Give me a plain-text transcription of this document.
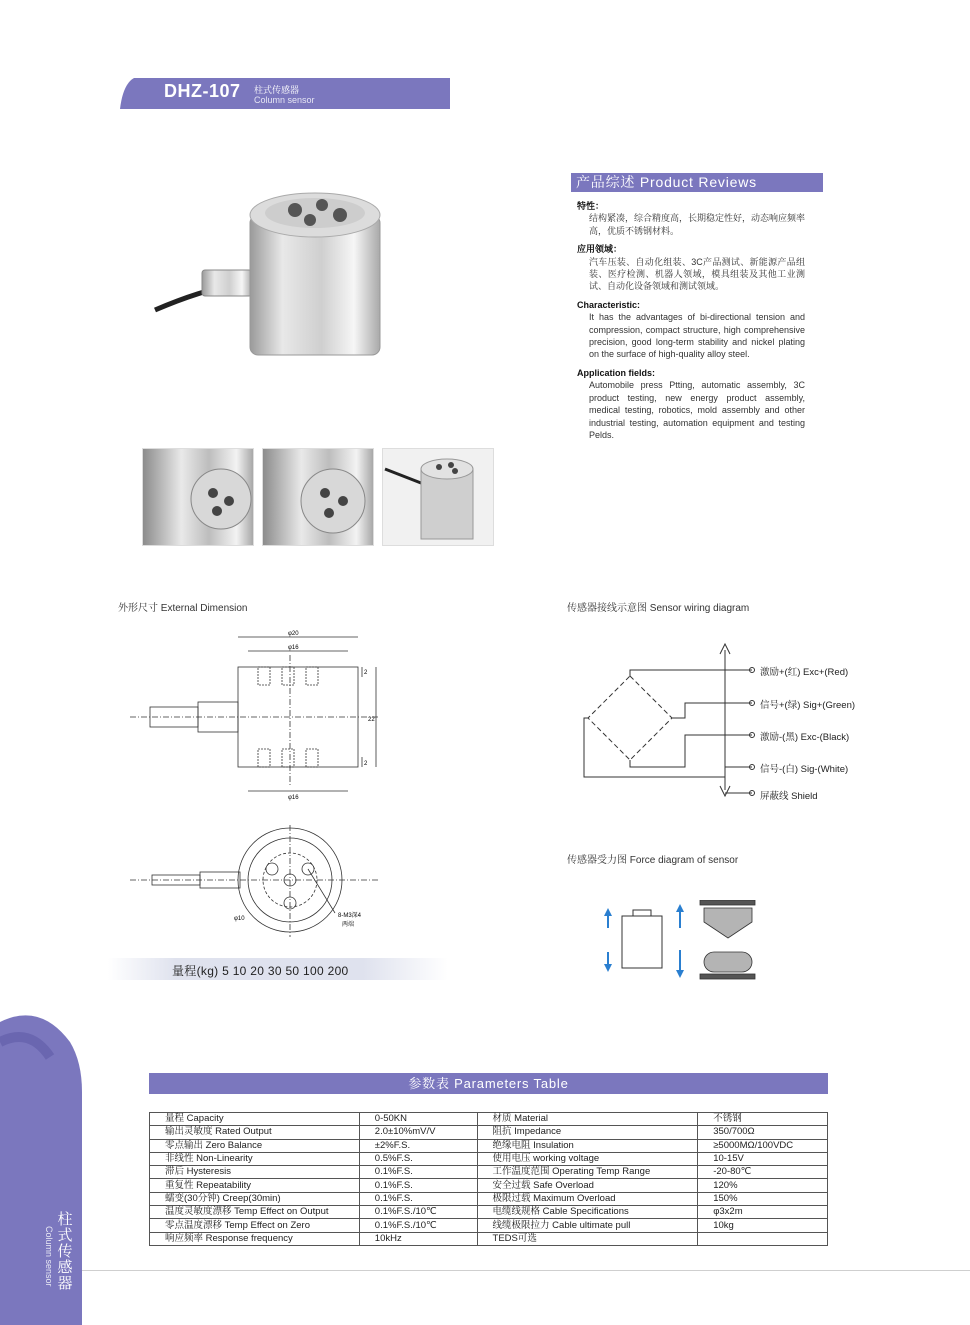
DHZ-107 柱式传感器
Column sensor
产品综述 Product Reviews
特性：
结构紧凑，综合精度高，长期稳定性好，动态响应频率高，优质不锈钢材料。
应用领域：
汽车压装、自动化组装、3C产品测试、新能源产品组装、医疗检测、机器人领域，模具组装及其他工业测试、自动化设备领域和测试领域。
Characteristic:
It has the advantages of bi-directional tension and compression, compact structure, high comprehensive precision, good long-term stability and nickel plating on the surface of high-quality alloy steel.
Application fields:
Automobile press Ptting, automatic assembly, 3C product testing, new energy product assembly, medical testing, robotics, mold assembly and other industrial testing, automation equipment and testing Pelds.
外形尺寸 External Dimension	传感器接线示意图 Sensor wiring diagram
传感器受力图 Force diagram of sensor
φ20
φ16
φ16
2
22
2
φ10	8-M3深4
两端
激励+(红) Exc+(Red)
信号+(绿) Sig+(Green)
激励-(黑) Exc-(Black)
信号-(白) Sig-(White)
屏蔽线 Shield
量程(kg) 5 10 20 30 50 100 200
柱式传感器
Column sensor
参数表 Parameters Table
量程 Capacity	0-50KN	材质 Material	不锈钢
输出灵敏度 Rated Output	2.0±10%mV/V	阻抗 Impedance	350/700Ω
零点输出 Zero Balance	±2%F.S.	绝缘电阻 Insulation	≥5000MΩ/100VDC
非线性 Non-Linearity	0.5%F.S.	使用电压 working voltage	10-15V
滞后 Hysteresis	0.1%F.S.	工作温度范围 Operating Temp Range	-20-80℃
重复性 Repeatability	0.1%F.S.	安全过载 Safe Overload	120%
蠕变(30分钟) Creep(30min)	0.1%F.S.	极限过载 Maximum Overload	150%
温度灵敏度漂移 Temp Effect on Output	0.1%F.S./10℃	电缆线规格 Cable Specifications	φ3x2m
零点温度漂移 Temp Effect on Zero	0.1%F.S./10℃	线缆极限拉力 Cable ultimate pull	10kg
响应频率 Response frequency	10kHz	TEDS可选	
